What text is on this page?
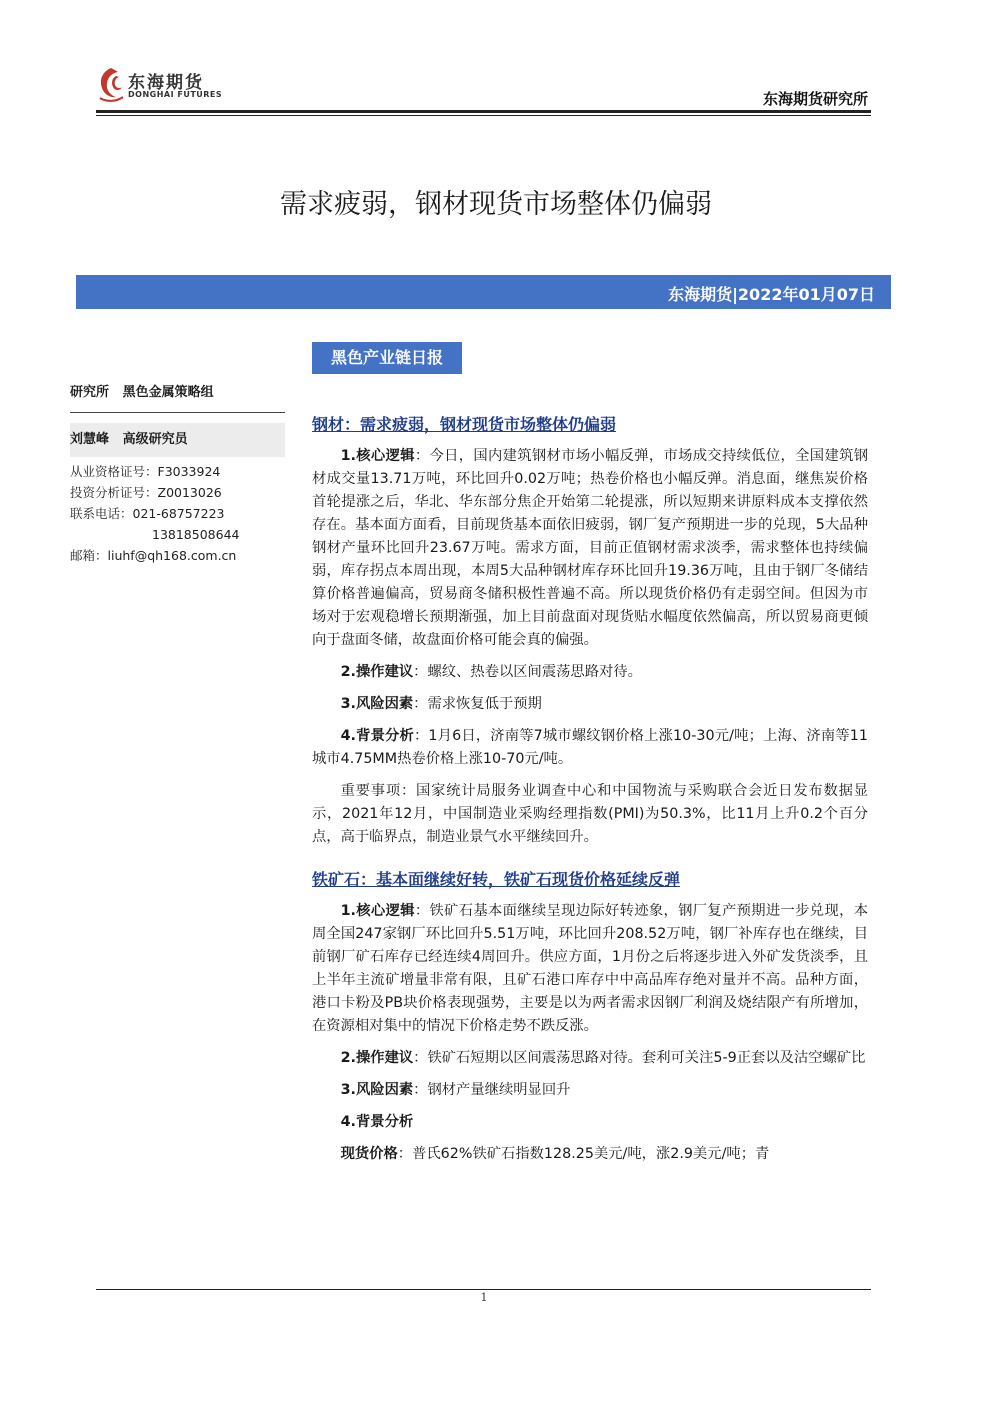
东海期货
DONGHAI FUTURES	东海期货研究所
需求疲弱，钢材现货市场整体仍偏弱
东海期货|2022年01月07日
黑色产业链日报
研究所   黑色金属策略组
刘慧峰   高级研究员
从业资格证号：F3033924
投资分析证号：Z0013026
联系电话：021-68757223
13818508644
邮箱：liuhf@qh168.com.cn
钢材：需求疲弱，钢材现货市场整体仍偏弱

1.核心逻辑：今日，国内建筑钢材市场小幅反弹，市场成交持续低位，全国建筑钢材成交量13.71万吨，环比回升0.02万吨；热卷价格也小幅反弹。消息面，继焦炭价格首轮提涨之后，华北、华东部分焦企开始第二轮提涨，所以短期来讲原料成本支撑依然存在。基本面方面看，目前现货基本面依旧疲弱，钢厂复产预期进一步的兑现，5大品种钢材产量环比回升23.67万吨。需求方面，目前正值钢材需求淡季，需求整体也持续偏弱，库存拐点本周出现，本周5大品种钢材库存环比回升19.36万吨，且由于钢厂冬储结算价格普遍偏高，贸易商冬储积极性普遍不高。所以现货价格仍有走弱空间。但因为市场对于宏观稳增长预期渐强，加上目前盘面对现货贴水幅度依然偏高，所以贸易商更倾向于盘面冬储，故盘面价格可能会真的偏强。

2.操作建议：螺纹、热卷以区间震荡思路对待。

3.风险因素：需求恢复低于预期

4.背景分析：1月6日，济南等7城市螺纹钢价格上涨10-30元/吨；上海、济南等11城市4.75MM热卷价格上涨10-70元/吨。

重要事项：国家统计局服务业调查中心和中国物流与采购联合会近日发布数据显示，2021年12月，中国制造业采购经理指数(PMI)为50.3%，比11月上升0.2个百分点，高于临界点，制造业景气水平继续回升。

铁矿石：基本面继续好转，铁矿石现货价格延续反弹

1.核心逻辑：铁矿石基本面继续呈现边际好转迹象，钢厂复产预期进一步兑现，本周全国247家钢厂环比回升5.51万吨，环比回升208.52万吨，钢厂补库存也在继续，目前钢厂矿石库存已经连续4周回升。供应方面，1月份之后将逐步进入外矿发货淡季，且上半年主流矿增量非常有限，且矿石港口库存中中高品库存绝对量并不高。品种方面，港口卡粉及PB块价格表现强势，主要是以为两者需求因钢厂利润及烧结限产有所增加，在资源相对集中的情况下价格走势不跌反涨。

2.操作建议：铁矿石短期以区间震荡思路对待。套利可关注5-9正套以及沽空螺矿比

3.风险因素：钢材产量继续明显回升

4.背景分析

现货价格：普氏62%铁矿石指数128.25美元/吨，涨2.9美元/吨；青

1
